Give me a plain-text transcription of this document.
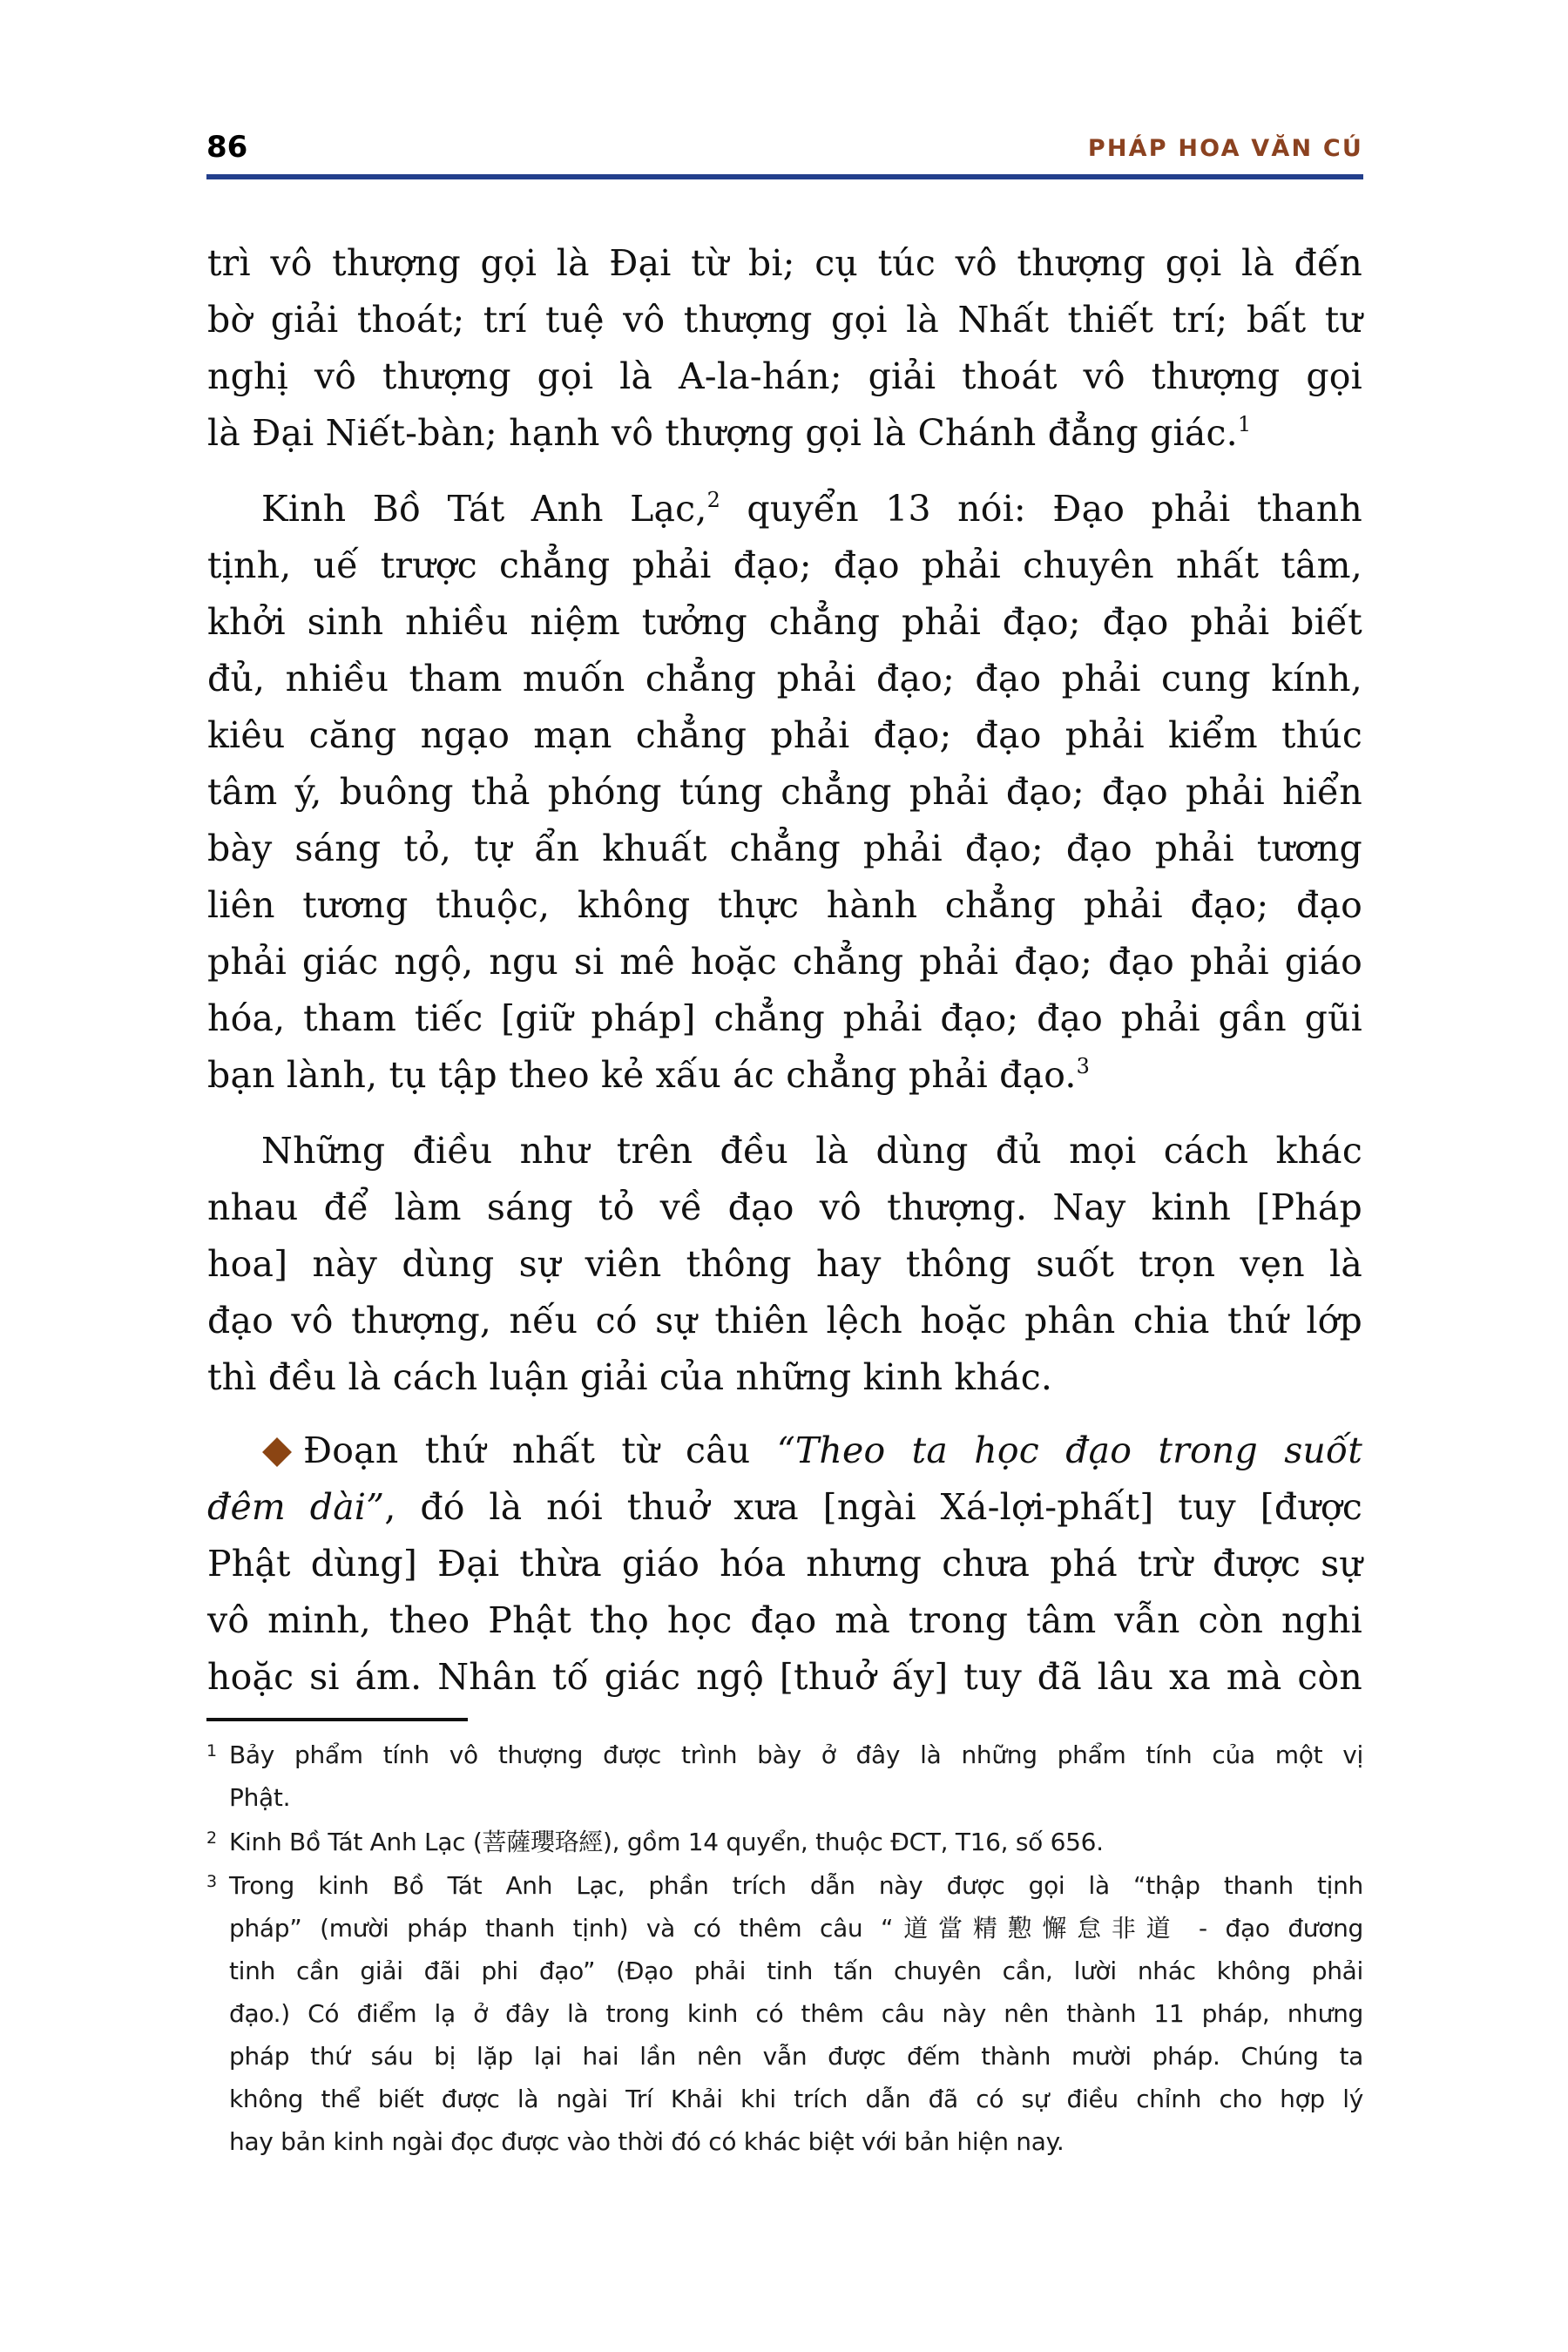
86	PHÁP HOA VĂN CÚ
trì vô thượng gọi là Đại từ bi; cụ túc vô thượng gọi là đến
bờ giải thoát; trí tuệ vô thượng gọi là Nhất thiết trí; bất tư
nghị vô thượng gọi là A-la-hán; giải thoát vô thượng gọi
là Đại Niết-bàn; hạnh vô thượng gọi là Chánh đẳng giác.$^1$
Kinh Bồ Tát Anh Lạc,$^2$ quyển 13 nói: Đạo phải thanh
tịnh, uế trược chẳng phải đạo; đạo phải chuyên nhất tâm,
khởi sinh nhiều niệm tưởng chẳng phải đạo; đạo phải biết
đủ, nhiều tham muốn chẳng phải đạo; đạo phải cung kính,
kiêu căng ngạo mạn chẳng phải đạo; đạo phải kiểm thúc
tâm ý, buông thả phóng túng chẳng phải đạo; đạo phải hiển
bày sáng tỏ, tự ẩn khuất chẳng phải đạo; đạo phải tương
liên tương thuộc, không thực hành chẳng phải đạo; đạo
phải giác ngộ, ngu si mê hoặc chẳng phải đạo; đạo phải giáo
hóa, tham tiếc [giữ pháp] chẳng phải đạo; đạo phải gần gũi
bạn lành, tụ tập theo kẻ xấu ác chẳng phải đạo.$^3$
Những điều như trên đều là dùng đủ mọi cách khác
nhau để làm sáng tỏ về đạo vô thượng. Nay kinh [Pháp
hoa] này dùng sự viên thông hay thông suốt trọn vẹn là
đạo vô thượng, nếu có sự thiên lệch hoặc phân chia thứ lớp
thì đều là cách luận giải của những kinh khác.
Đoạn thứ nhất từ câu “Theo ta học đạo trong suốt
đêm dài”, đó là nói thuở xưa [ngài Xá-lợi-phất] tuy [được
Phật dùng] Đại thừa giáo hóa nhưng chưa phá trừ được sự
vô minh, theo Phật thọ học đạo mà trong tâm vẫn còn nghi
hoặc si ám. Nhân tố giác ngộ [thuở ấy] tuy đã lâu xa mà còn
1 Bảy phẩm tính vô thượng được trình bày ở đây là những phẩm tính của một vị
Phật.
2 Kinh Bồ Tát Anh Lạc (菩薩瓔珞經), gồm 14 quyển, thuộc ĐCT, T16, số 656.
3 Trong kinh Bồ Tát Anh Lạc, phần trích dẫn này được gọi là “thập thanh tịnh
pháp” (mười pháp thanh tịnh) và có thêm câu “道當精懃懈怠非道 - đạo đương
tinh cần giải đãi phi đạo” (Đạo phải tinh tấn chuyên cần, lười nhác không phải
đạo.) Có điểm lạ ở đây là trong kinh có thêm câu này nên thành 11 pháp, nhưng
pháp thứ sáu bị lặp lại hai lần nên vẫn được đếm thành mười pháp. Chúng ta
không thể biết được là ngài Trí Khải khi trích dẫn đã có sự điều chỉnh cho hợp lý
hay bản kinh ngài đọc được vào thời đó có khác biệt với bản hiện nay.
